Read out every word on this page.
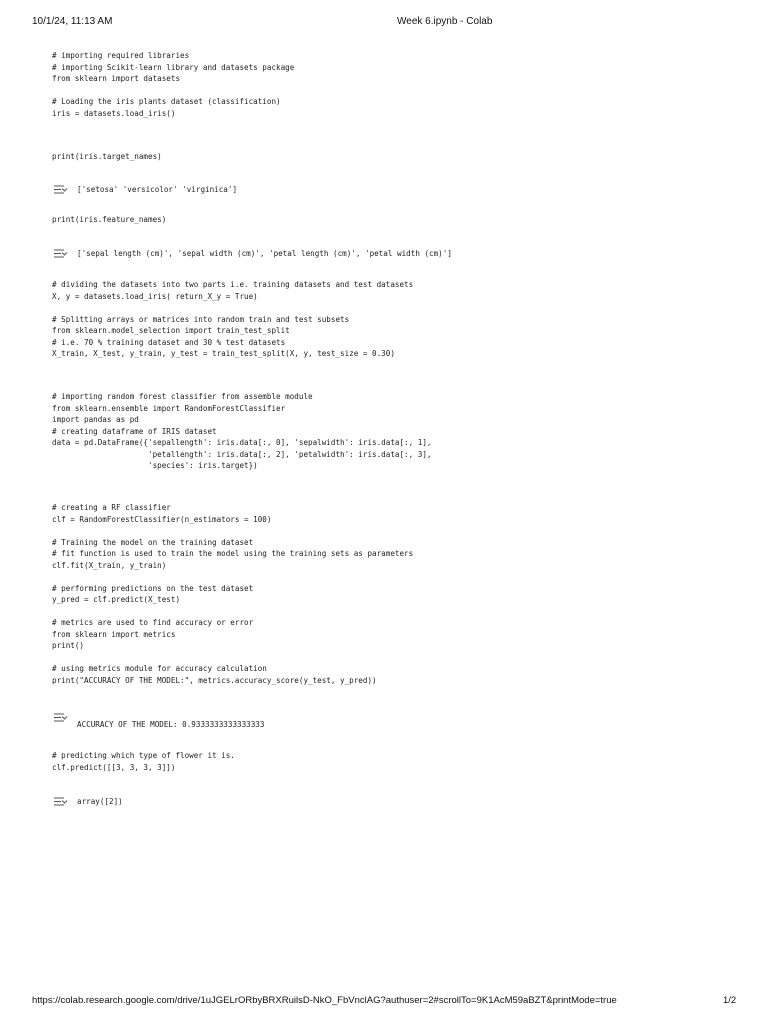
10/1/24, 11:13 AM	Week 6.ipynb - Colab
# importing required libraries
# importing Scikit-learn library and datasets package
from sklearn import datasets
# Loading the iris plants dataset (classification)
iris = datasets.load_iris()
print(iris.target_names)
['setosa' 'versicolor' 'virginica']
print(iris.feature_names)
['sepal length (cm)', 'sepal width (cm)', 'petal length (cm)', 'petal width (cm)']
# dividing the datasets into two parts i.e. training datasets and test datasets
X, y = datasets.load_iris( return_X_y = True)
# Splitting arrays or matrices into random train and test subsets
from sklearn.model_selection import train_test_split
# i.e. 70 % training dataset and 30 % test datasets
X_train, X_test, y_train, y_test = train_test_split(X, y, test_size = 0.30)
# importing random forest classifier from assemble module
from sklearn.ensemble import RandomForestClassifier
import pandas as pd
# creating dataframe of IRIS dataset
data = pd.DataFrame({'sepallength': iris.data[:, 0], 'sepalwidth': iris.data[:, 1],
'petallength': iris.data[:, 2], 'petalwidth': iris.data[:, 3],
'species': iris.target})
# creating a RF classifier
clf = RandomForestClassifier(n_estimators = 100)
# Training the model on the training dataset
# fit function is used to train the model using the training sets as parameters
clf.fit(X_train, y_train)
# performing predictions on the test dataset
y_pred = clf.predict(X_test)
# metrics are used to find accuracy or error
from sklearn import metrics
print()
# using metrics module for accuracy calculation
print("ACCURACY OF THE MODEL:", metrics.accuracy_score(y_test, y_pred))
ACCURACY OF THE MODEL: 0.9333333333333333
# predicting which type of flower it is.
clf.predict([[3, 3, 3, 3]])
array([2])
https://colab.research.google.com/drive/1uJGELrORbyBRXRuilsD-NkO_FbVnclAG?authuser=2#scrollTo=9K1AcM59aBZT&printMode=true	1/2
